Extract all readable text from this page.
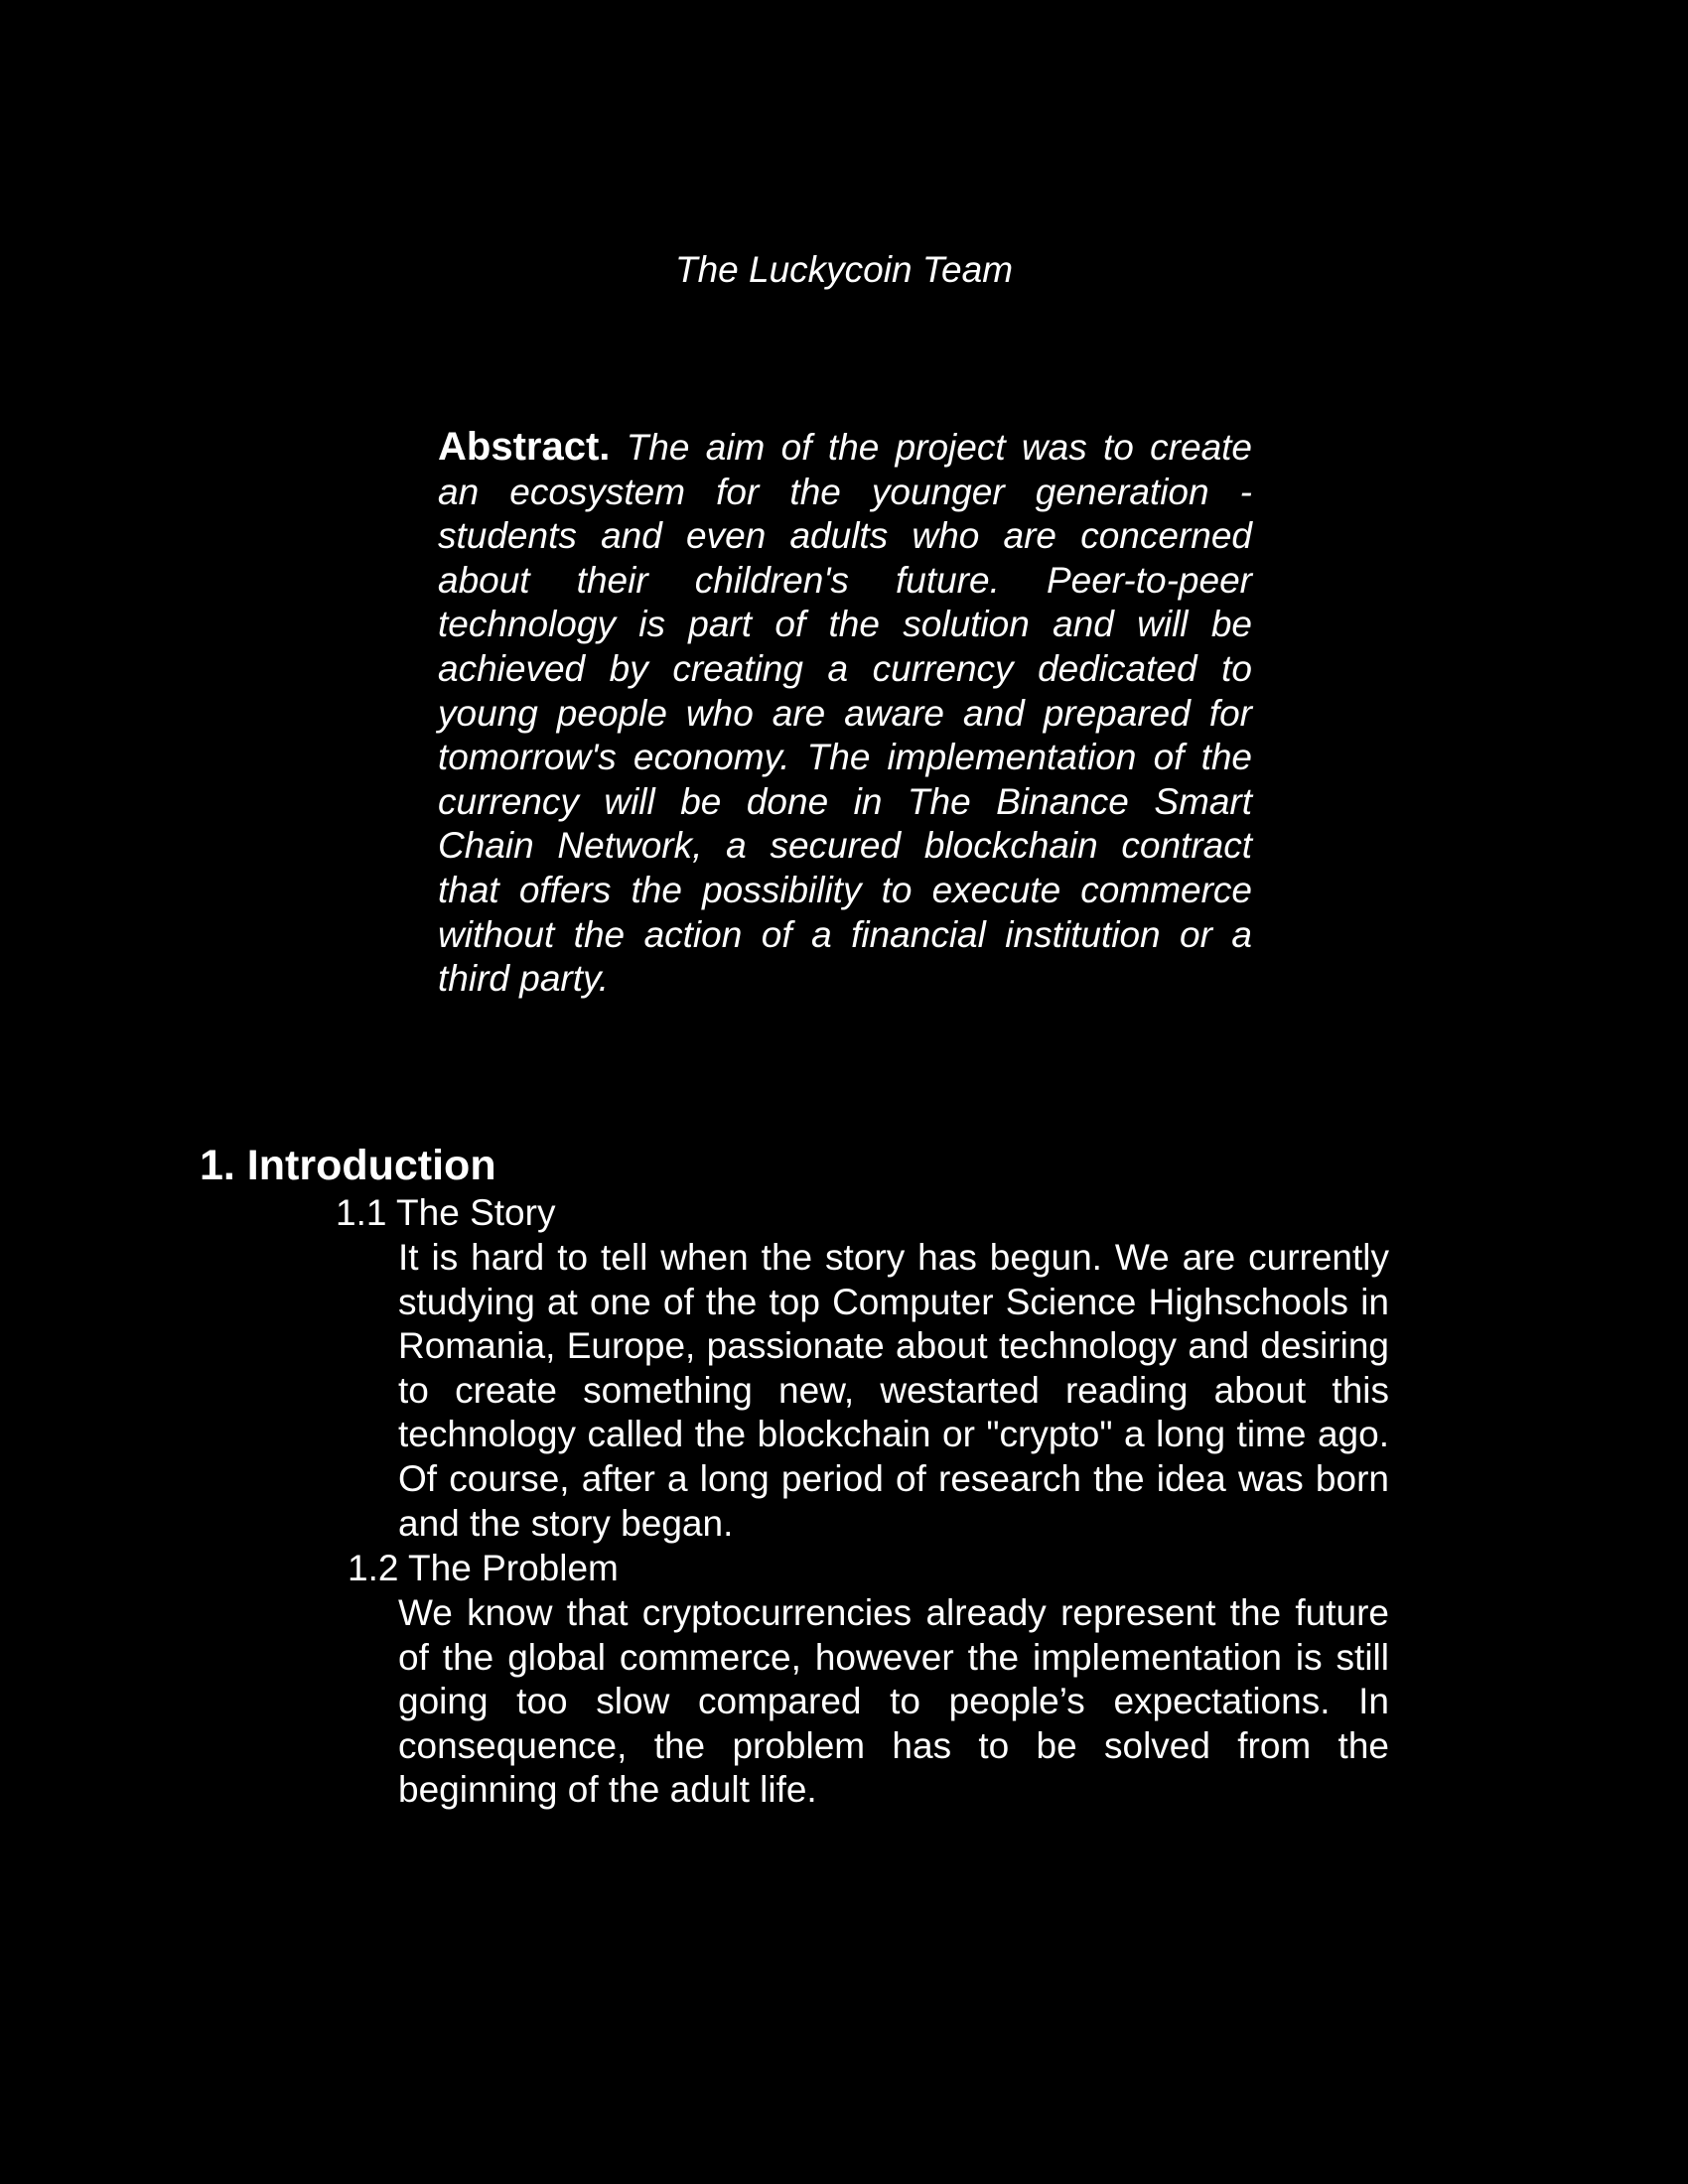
The Luckycoin Team

Abstract. The aim of the project was to create an ecosystem for the younger generation - students and even adults who are concerned about their children's future. Peer-to-peer technology is part of the solution and will be achieved by creating a currency dedicated to young people who are aware and prepared for tomorrow's economy. The implementation of the currency will be done in The Binance Smart Chain Network, a secured blockchain contract that offers the possibility to execute commerce without the action of a financial institution or a third party.

1. Introduction
1.1 The Story

It is hard to tell when the story has begun. We are currently studying at one of the top Computer Science Highschools in Romania, Europe, passionate about technology and desiring to create something new, westarted reading about this technology called the blockchain or "crypto" a long time ago. Of course, after a long period of research the idea was born and the story began.

1.2 The Problem

We know that cryptocurrencies already represent the future of the global commerce, however the implementation is still going too slow compared to people’s expectations. In consequence, the problem has to be solved from the beginning of the adult life.
